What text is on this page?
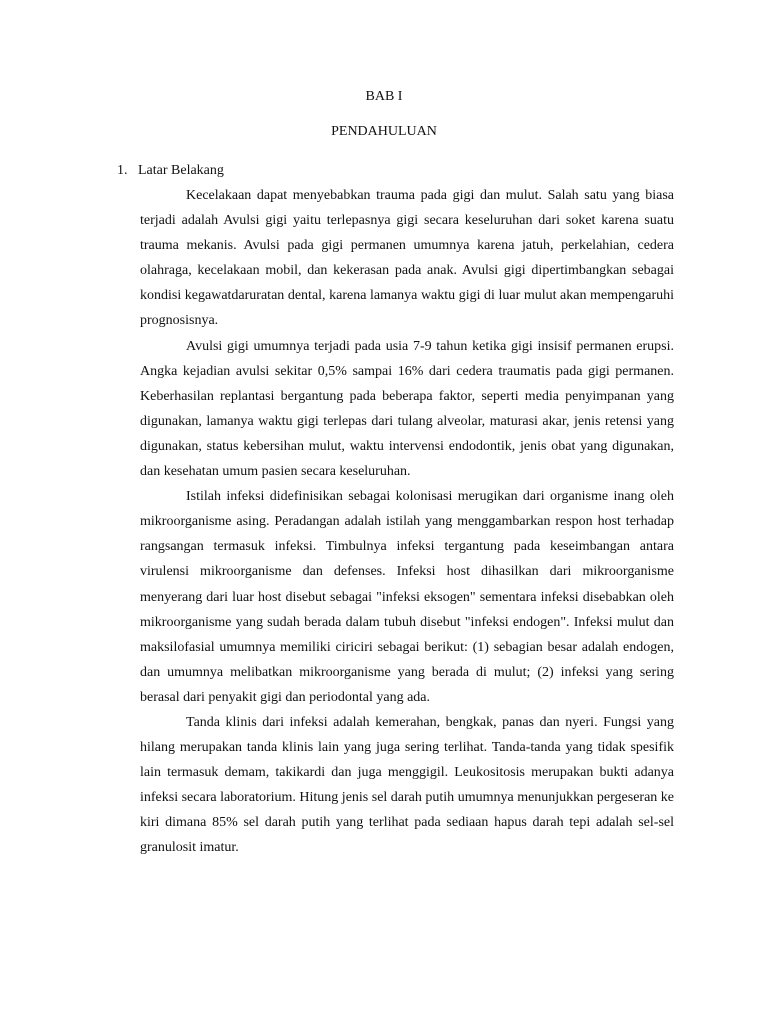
BAB I
PENDAHULUAN
1. Latar Belakang

Kecelakaan dapat menyebabkan trauma pada gigi dan mulut. Salah satu yang biasa terjadi adalah Avulsi gigi yaitu terlepasnya gigi secara keseluruhan dari soket karena suatu trauma mekanis. Avulsi pada gigi permanen umumnya karena jatuh, perkelahian, cedera olahraga, kecelakaan mobil, dan kekerasan pada anak. Avulsi gigi dipertimbangkan sebagai kondisi kegawatdaruratan dental, karena lamanya waktu gigi di luar mulut akan mempengaruhi prognosisnya.

Avulsi gigi umumnya terjadi pada usia 7-9 tahun ketika gigi insisif permanen erupsi. Angka kejadian avulsi sekitar 0,5% sampai 16% dari cedera traumatis pada gigi permanen. Keberhasilan replantasi bergantung pada beberapa faktor, seperti media penyimpanan yang digunakan, lamanya waktu gigi terlepas dari tulang alveolar, maturasi akar, jenis retensi yang digunakan, status kebersihan mulut, waktu intervensi endodontik, jenis obat yang digunakan, dan kesehatan umum pasien secara keseluruhan.

Istilah infeksi didefinisikan sebagai kolonisasi merugikan dari organisme inang oleh mikroorganisme asing. Peradangan adalah istilah yang menggambarkan respon host terhadap rangsangan termasuk infeksi. Timbulnya infeksi tergantung pada keseimbangan antara virulensi mikroorganisme dan defenses. Infeksi host dihasilkan dari mikroorganisme menyerang dari luar host disebut sebagai "infeksi eksogen" sementara infeksi disebabkan oleh mikroorganisme yang sudah berada dalam tubuh disebut "infeksi endogen". Infeksi mulut dan maksilofasial umumnya memiliki ciriciri sebagai berikut: (1) sebagian besar adalah endogen, dan umumnya melibatkan mikroorganisme yang berada di mulut; (2) infeksi yang sering berasal dari penyakit gigi dan periodontal yang ada.

Tanda klinis dari infeksi adalah kemerahan, bengkak, panas dan nyeri. Fungsi yang hilang merupakan tanda klinis lain yang juga sering terlihat. Tanda-tanda yang tidak spesifik lain termasuk demam, takikardi dan juga menggigil. Leukositosis merupakan bukti adanya infeksi secara laboratorium. Hitung jenis sel darah putih umumnya menunjukkan pergeseran ke kiri dimana 85% sel darah putih yang terlihat pada sediaan hapus darah tepi adalah sel-sel granulosit imatur.
